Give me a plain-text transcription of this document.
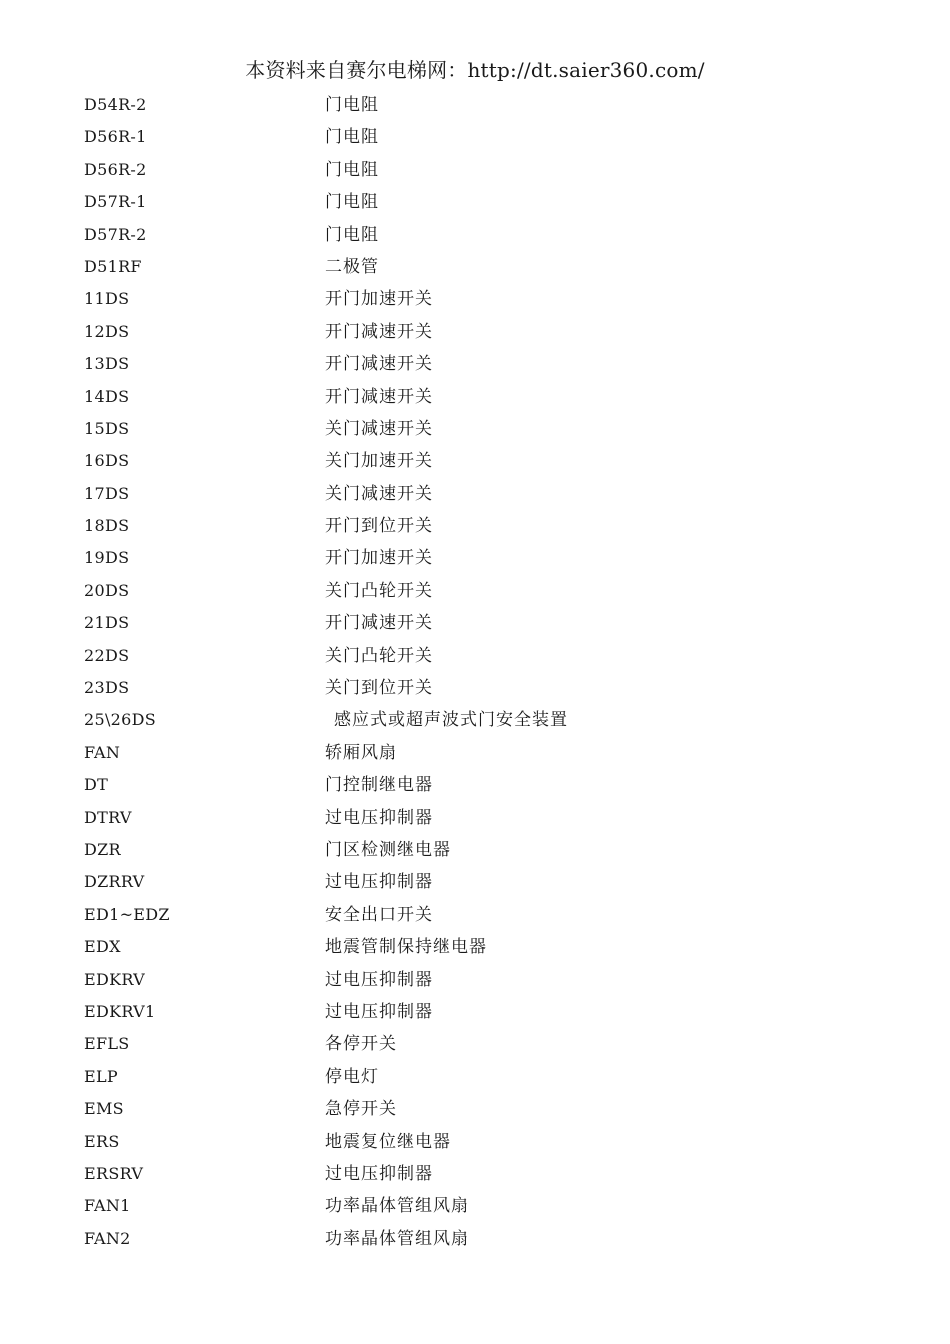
本资料来自赛尔电梯网：http://dt.saier360.com/
D54R-2	门电阻
D56R-1	门电阻
D56R-2	门电阻
D57R-1	门电阻
D57R-2	门电阻
D51RF	二极管
11DS	开门加速开关
12DS	开门减速开关
13DS	开门减速开关
14DS	开门减速开关
15DS	关门减速开关
16DS	关门加速开关
17DS	关门减速开关
18DS	开门到位开关
19DS	开门加速开关
20DS	关门凸轮开关
21DS	开门减速开关
22DS	关门凸轮开关
23DS	关门到位开关
25\26DS	感应式或超声波式门安全装置
FAN	轿厢风扇
DT	门控制继电器
DTRV	过电压抑制器
DZR	门区检测继电器
DZRRV	过电压抑制器
ED1~EDZ	安全出口开关
EDX	地震管制保持继电器
EDKRV	过电压抑制器
EDKRV1	过电压抑制器
EFLS	各停开关
ELP	停电灯
EMS	急停开关
ERS	地震复位继电器
ERSRV	过电压抑制器
FAN1	功率晶体管组风扇
FAN2	功率晶体管组风扇
